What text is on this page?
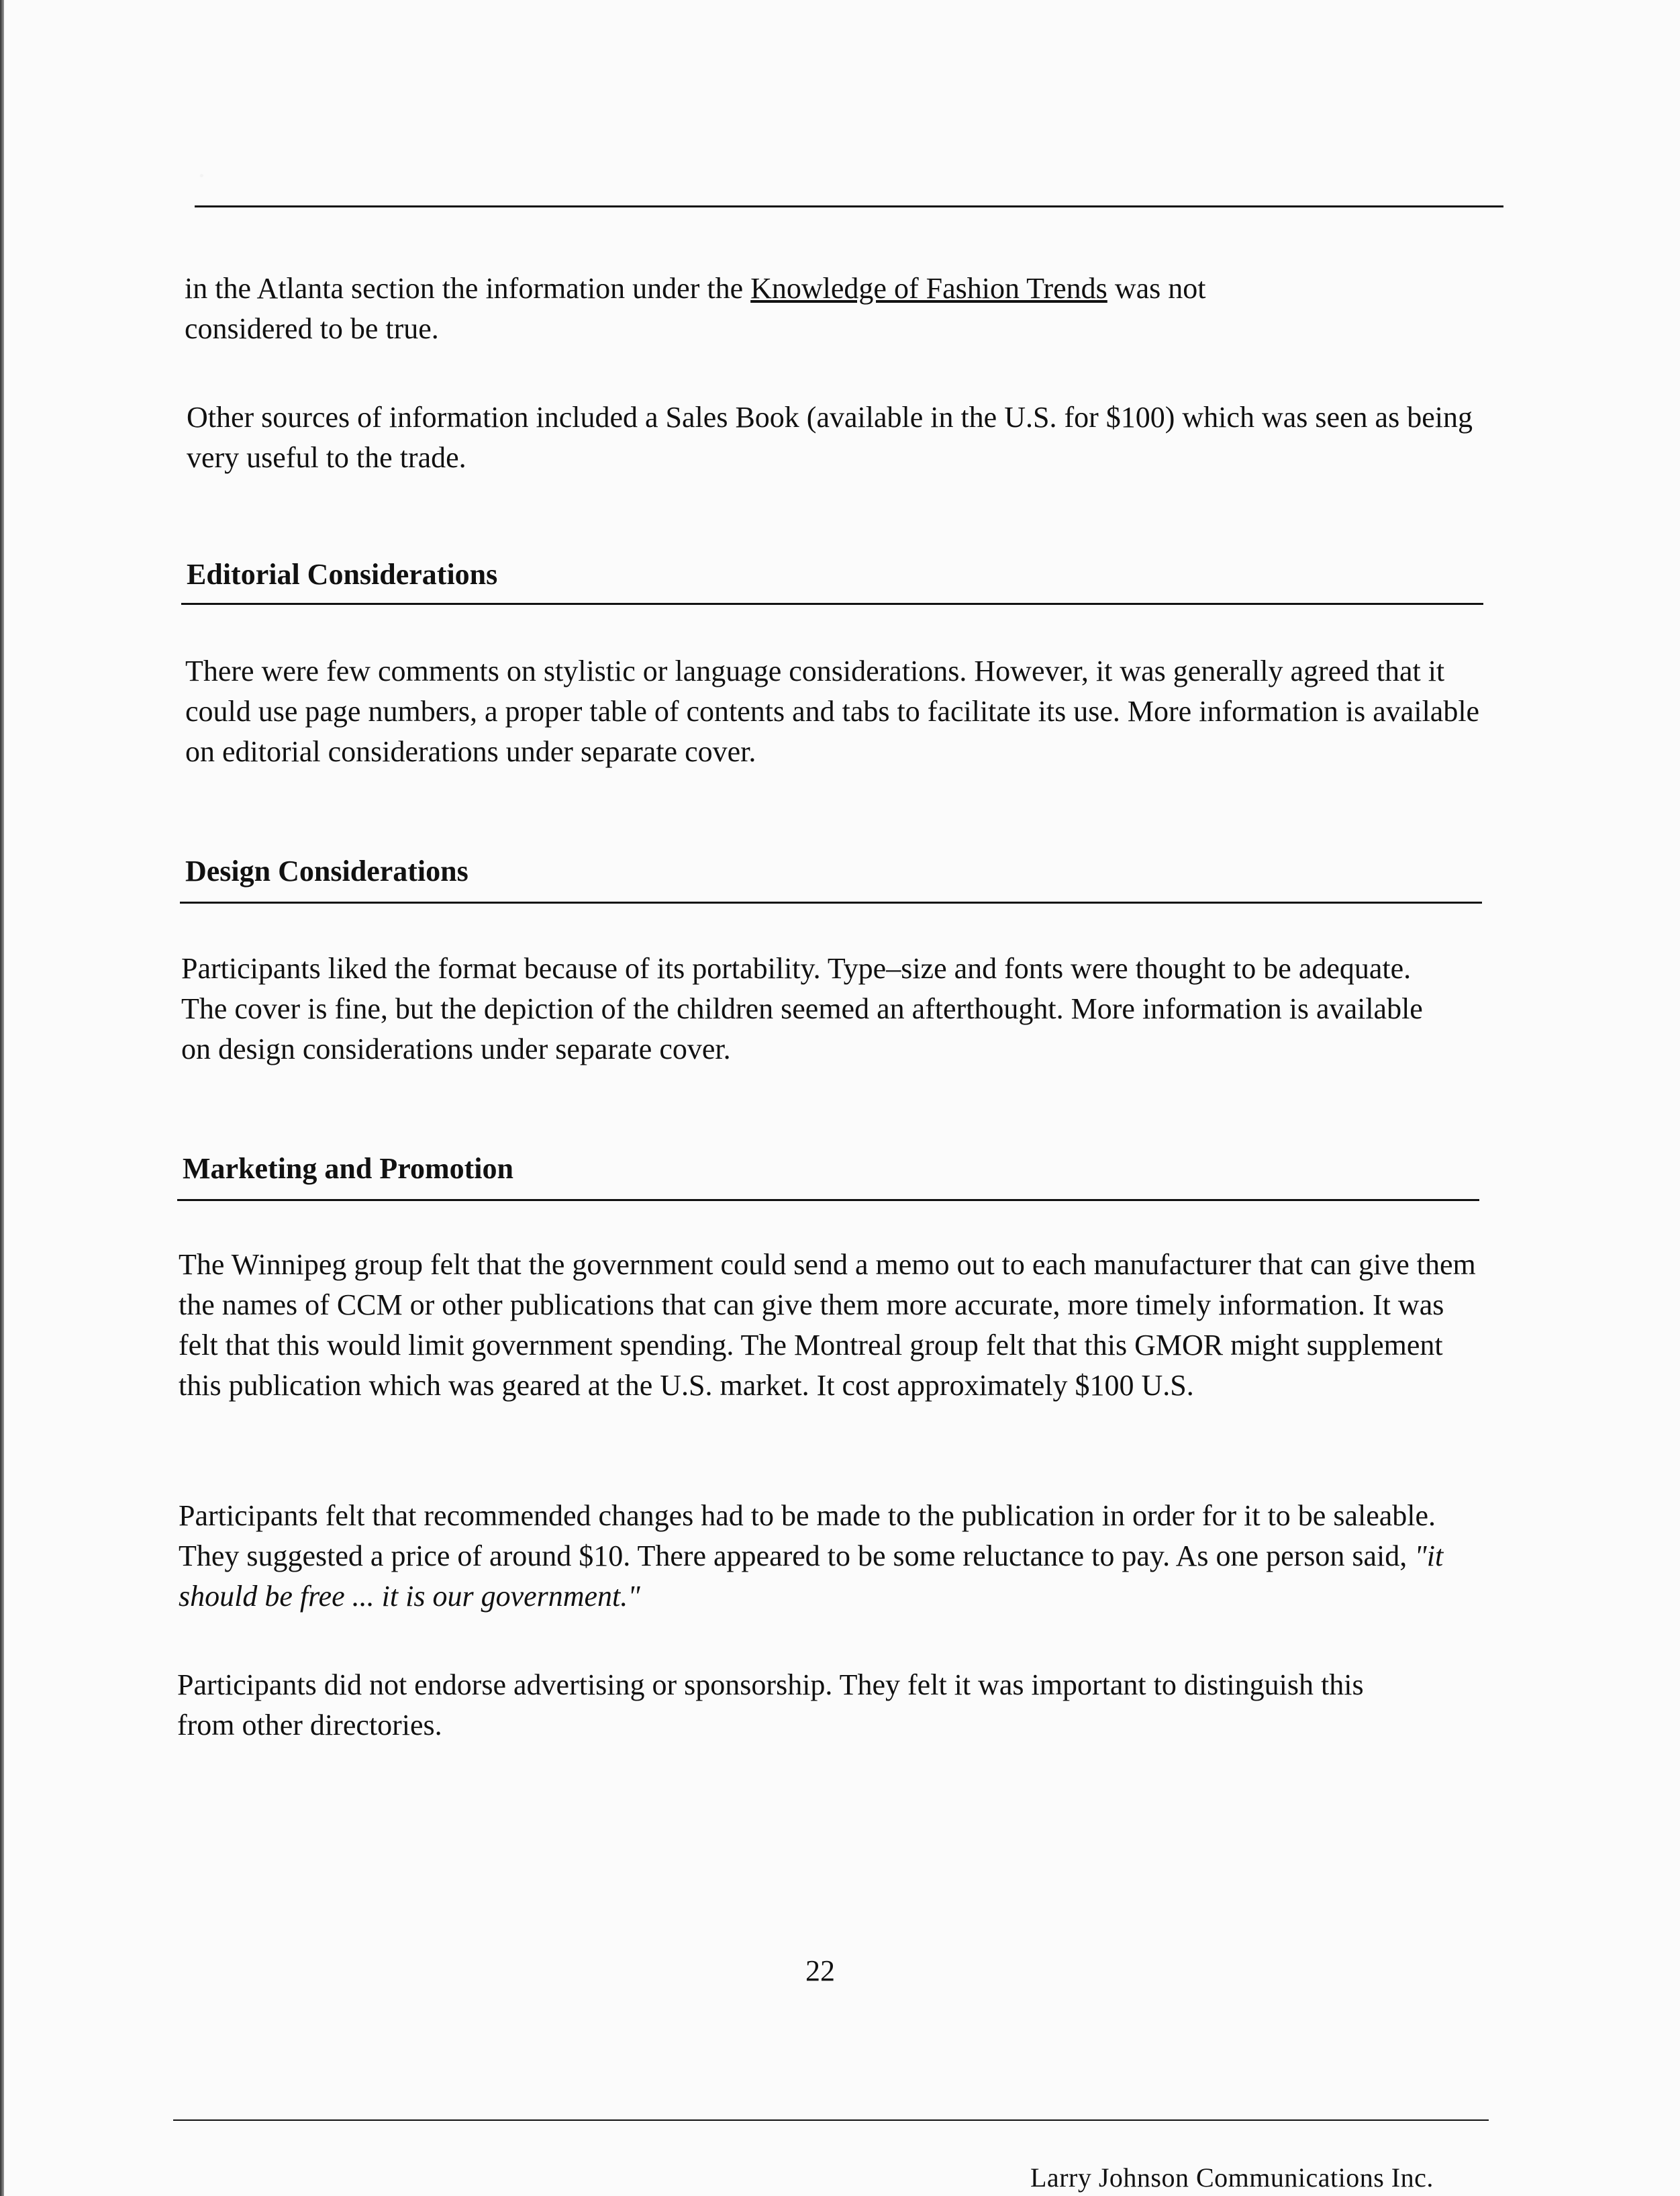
in the Atlanta section the information under the Knowledge of Fashion Trends was not
considered to be true.

Other sources of information included a Sales Book (available in the U.S. for $100) which was seen as being very useful to the trade.

Editorial Considerations

There were few comments on stylistic or language considerations. However, it was generally agreed that it could use page numbers, a proper table of contents and tabs to facilitate its use. More information is available on editorial considerations under separate cover.

Design Considerations

Participants liked the format because of its portability. Type–size and fonts were thought to be adequate. The cover is fine, but the depiction of the children seemed an afterthought. More information is available on design considerations under separate cover.

Marketing and Promotion

The Winnipeg group felt that the government could send a memo out to each manufacturer that can give them the names of CCM or other publications that can give them more accurate, more timely information. It was felt that this would limit government spending. The Montreal group felt that this GMOR might supplement this publication which was geared at the U.S. market. It cost approximately $100 U.S.

Participants felt that recommended changes had to be made to the publication in order for it to be saleable. They suggested a price of around $10. There appeared to be some reluctance to pay. As one person said, "it should be free ... it is our government."

Participants did not endorse advertising or sponsorship. They felt it was important to distinguish this from other directories.

22
Larry Johnson Communications Inc.
